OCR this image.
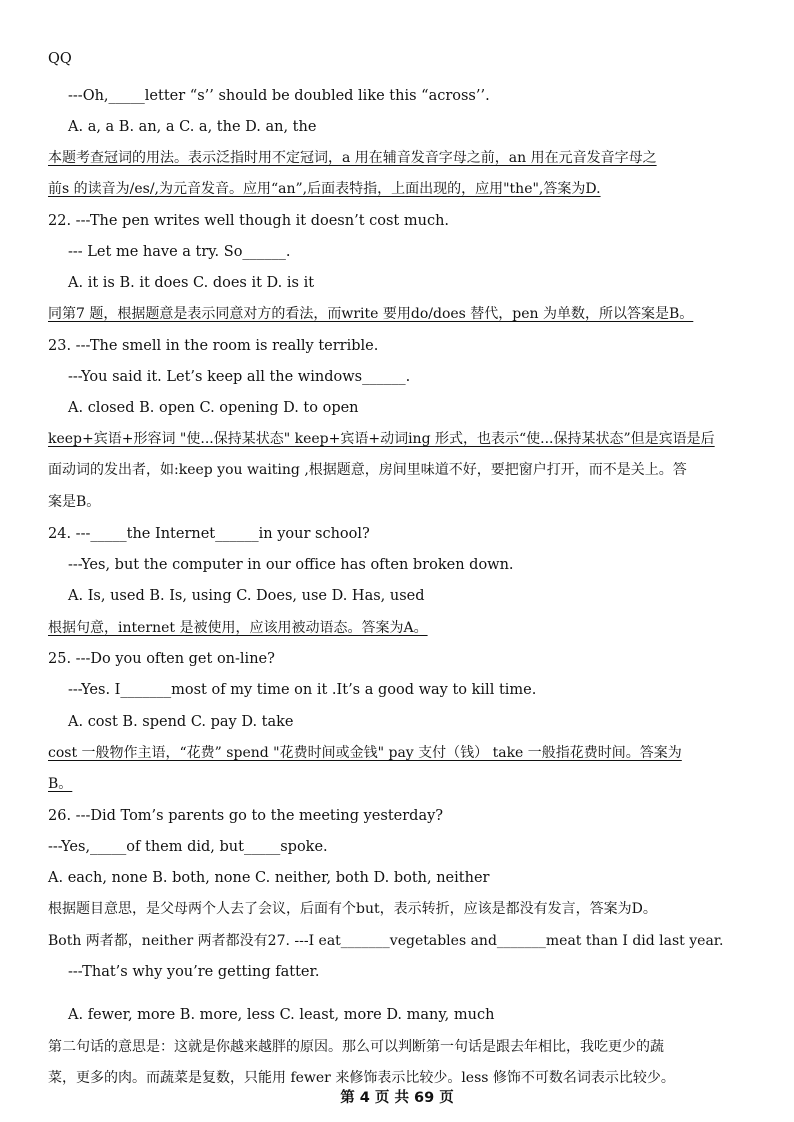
QQ
---Oh,_____letter “s’’ should be doubled like this “across’’.
A. a, a B. an, a C. a, the D. an, the
本题考查冠词的用法。表示泛指时用不定冠词，a 用在辅音发音字母之前，an 用在元音发音字母之
前s 的读音为/es/,为元音发音。应用“an”,后面表特指，上面出现的，应用"the",答案为D.
22. ---The pen writes well though it doesn’t cost much.
--- Let me have a try. So______.
A. it is B. it does C. does it D. is it
同第7 题，根据题意是表示同意对方的看法，而write 要用do/does 替代，pen 为单数，所以答案是B。
23. ---The smell in the room is really terrible.
---You said it. Let’s keep all the windows______.
A. closed B. open C. opening D. to open
keep+宾语+形容词 "使...保持某状态" keep+宾语+动词ing 形式，也表示“使...保持某状态”但是宾语是后
面动词的发出者，如:keep you waiting ,根据题意，房间里味道不好，要把窗户打开，而不是关上。答
案是B。
24. ---_____the Internet______in your school?
---Yes, but the computer in our office has often broken down.
A. Is, used B. Is, using C. Does, use D. Has, used
根据句意，internet 是被使用，应该用被动语态。答案为A。
25. ---Do you often get on-line?
---Yes. I_______most of my time on it .It’s a good way to kill time.
A. cost B. spend C. pay D. take
cost 一般物作主语，“花费” spend "花费时间或金钱" pay 支付（钱） take 一般指花费时间。答案为
B。
26. ---Did Tom’s parents go to the meeting yesterday?
---Yes,_____of them did, but_____spoke.
A. each, none B. both, none C. neither, both D. both, neither
根据题目意思，是父母两个人去了会议，后面有个but，表示转折，应该是都没有发言，答案为D。
Both 两者都，neither 两者都没有27. ---I eat_______vegetables and_______meat than I did last year.
---That’s why you’re getting fatter.
A. fewer, more B. more, less C. least, more D. many, much
第二句话的意思是：这就是你越来越胖的原因。那么可以判断第一句话是跟去年相比，我吃更少的蔬
菜，更多的肉。而蔬菜是复数，只能用 fewer 来修饰表示比较少。less 修饰不可数名词表示比较少。
第 4 页 共 69 页
